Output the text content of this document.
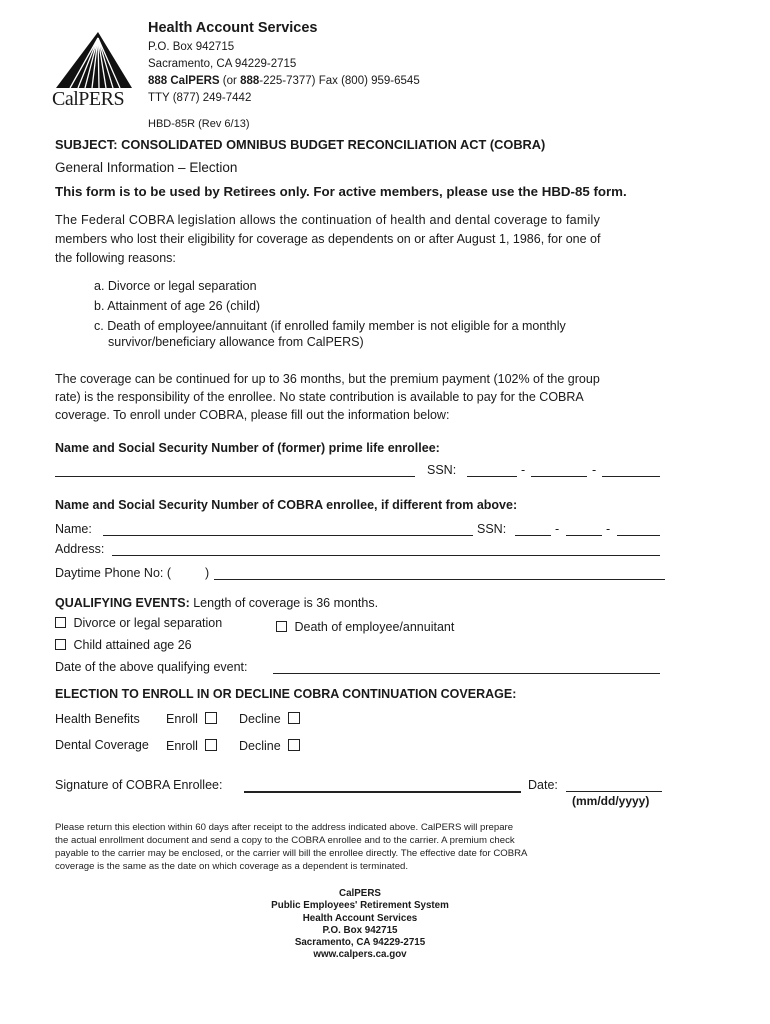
CalPERS
Health Account Services
P.O. Box 942715
Sacramento, CA 94229-2715
888 CalPERS (or 888-225-7377) Fax (800) 959-6545
TTY (877) 249-7442
HBD-85R (Rev 6/13)
SUBJECT: CONSOLIDATED OMNIBUS BUDGET RECONCILIATION ACT (COBRA)
General Information – Election
This form is to be used by Retirees only. For active members, please use the HBD-85 form.
The Federal COBRA legislation allows the continuation of health and dental coverage to family
members who lost their eligibility for coverage as dependents on or after August 1, 1986, for one of
the following reasons:
a. Divorce or legal separation
b. Attainment of age 26 (child)
c. Death of employee/annuitant (if enrolled family member is not eligible for a monthly
survivor/beneficiary allowance from CalPERS)
The coverage can be continued for up to 36 months, but the premium payment (102% of the group
rate) is the responsibility of the enrollee. No state contribution is available to pay for the COBRA
coverage. To enroll under COBRA, please fill out the information below:
Name and Social Security Number of (former) prime life enrollee:
SSN:	-	-
Name and Social Security Number of COBRA enrollee, if different from above:
Name:	SSN:	-	-
Address:
Daytime Phone No: (	)
QUALIFYING EVENTS: Length of coverage is 36 months.
Divorce or legal separation	Death of employee/annuitant
Child attained age 26
Date of the above qualifying event:
ELECTION TO ENROLL IN OR DECLINE COBRA CONTINUATION COVERAGE:
Health Benefits Enroll	Decline
Dental Coverage Enroll	Decline
Signature of COBRA Enrollee:	Date:
(mm/dd/yyyy)
Please return this election within 60 days after receipt to the address indicated above. CalPERS will prepare
the actual enrollment document and send a copy to the COBRA enrollee and to the carrier. A premium check
payable to the carrier may be enclosed, or the carrier will bill the enrollee directly. The effective date for COBRA
coverage is the same as the date on which coverage as a dependent is terminated.
CalPERS
Public Employees' Retirement System
Health Account Services
P.O. Box 942715
Sacramento, CA 94229-2715
www.calpers.ca.gov
